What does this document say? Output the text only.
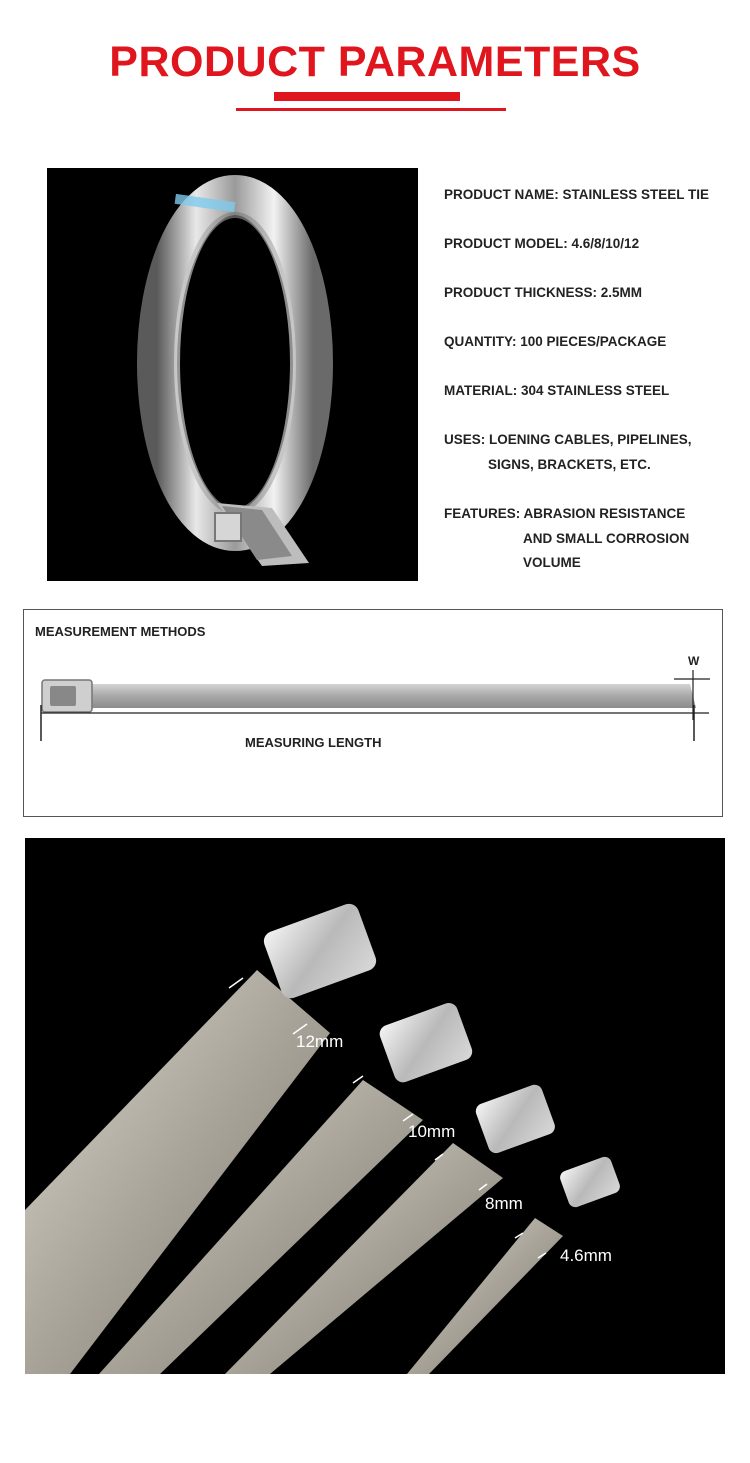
PRODUCT PARAMETERS
PRODUCT NAME: STAINLESS STEEL TIE
PRODUCT MODEL: 4.6/8/10/12
PRODUCT THICKNESS: 2.5MM
QUANTITY: 100 PIECES/PACKAGE
MATERIAL: 304 STAINLESS STEEL
USES: LOENING CABLES, PIPELINES,
SIGNS, BRACKETS, ETC.
FEATURES: ABRASION RESISTANCE
AND SMALL CORROSION
VOLUME
MEASUREMENT METHODS
W
MEASURING LENGTH
12mm
10mm
8mm
4.6mm
